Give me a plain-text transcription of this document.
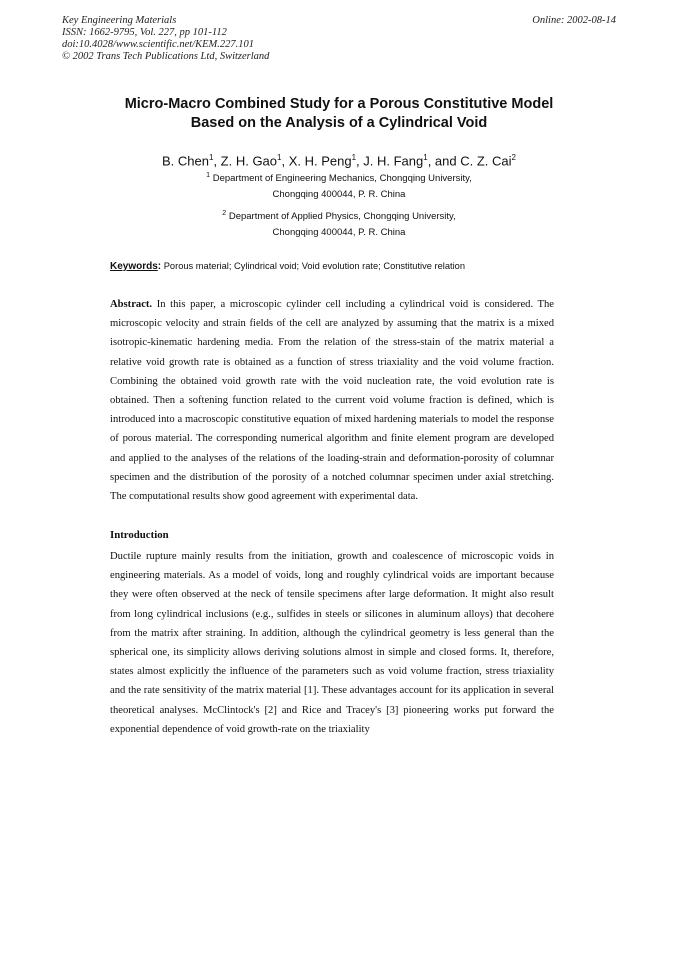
Key Engineering Materials
ISSN: 1662-9795, Vol. 227, pp 101-112
doi:10.4028/www.scientific.net/KEM.227.101
© 2002 Trans Tech Publications Ltd, Switzerland
Online: 2002-08-14
Micro-Macro Combined Study for a Porous Constitutive Model
Based on the Analysis of a Cylindrical Void
B. Chen$^1$, Z. H. Gao$^1$, X. H. Peng$^1$, J. H. Fang$^1$, and C. Z. Cai$^2$
$^1$ Department of Engineering Mechanics, Chongqing University,
Chongqing 400044, P. R. China
$^2$ Department of Applied Physics, Chongqing University,
Chongqing 400044, P. R. China
Keywords: Porous material; Cylindrical void; Void evolution rate; Constitutive relation
Abstract. In this paper, a microscopic cylinder cell including a cylindrical void is considered. The microscopic velocity and strain fields of the cell are analyzed by assuming that the matrix is a mixed isotropic-kinematic hardening media. From the relation of the stress-stain of the matrix material a relative void growth rate is obtained as a function of stress triaxiality and the void volume fraction. Combining the obtained void growth rate with the void nucleation rate, the void evolution rate is obtained. Then a softening function related to the current void volume fraction is defined, which is introduced into a macroscopic constitutive equation of mixed hardening materials to model the response of porous material. The corresponding numerical algorithm and finite element program are developed and applied to the analyses of the relations of the loading-strain and deformation-porosity of columnar specimen and the distribution of the porosity of a notched columnar specimen under axial stretching. The computational results show good agreement with experimental data.
Introduction
Ductile rupture mainly results from the initiation, growth and coalescence of microscopic voids in engineering materials. As a model of voids, long and roughly cylindrical voids are important because they were often observed at the neck of tensile specimens after large deformation. It might also result from long cylindrical inclusions (e.g., sulfides in steels or silicones in aluminum alloys) that decohere from the matrix after straining. In addition, although the cylindrical geometry is less general than the spherical one, its simplicity allows deriving solutions almost in simple and closed forms. It, therefore, states almost explicitly the influence of the parameters such as void volume fraction, stress triaxiality and the rate sensitivity of the matrix material [1]. These advantages account for its application in several theoretical analyses. McClintock's [2] and Rice and Tracey's [3] pioneering works put forward the exponential dependence of void growth-rate on the triaxiality
